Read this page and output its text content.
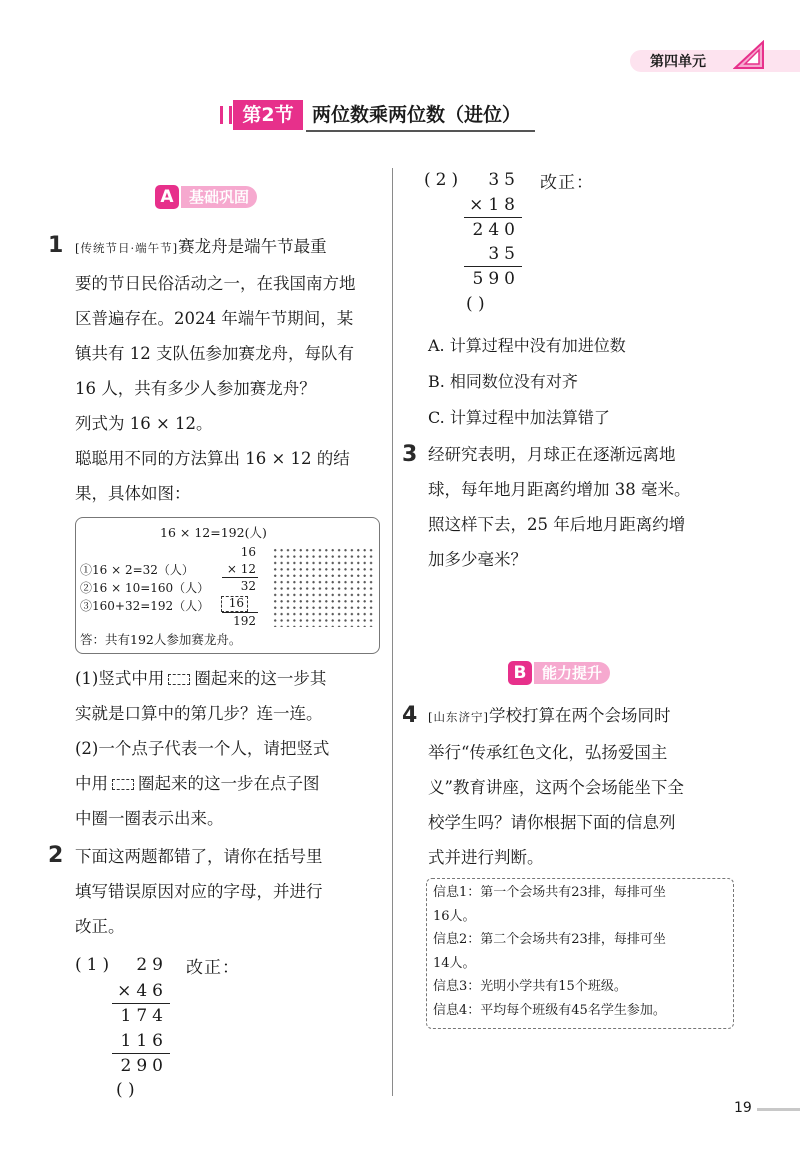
第四单元
第2节 两位数乘两位数（进位）
A	基础巩固
1 [传统节日·端午节]赛龙舟是端午节最重
要的节日民俗活动之一，在我国南方地
区普遍存在。2024 年端午节期间，某
镇共有 12 支队伍参加赛龙舟，每队有
16 人，共有多少人参加赛龙舟？
列式为 16 × 12。
聪聪用不同的方法算出 16 × 12 的结
果，具体如图：
16 × 12=192(人)
①16 × 2=32（人）
②16 × 10=160（人）
③160+32=192（人）
16
× 12
32
16
192
答：共有192人参加赛龙舟。
(1)竖式中用 圈起来的这一步其
实就是口算中的第几步？连一连。
(2)一个点子代表一个人，请把竖式
中用 圈起来的这一步在点子图
中圈一圈表示出来。
2 下面这两题都错了，请你在括号里
填写错误原因对应的字母，并进行
改正。
(1)	29 改正：
×46
174
116
290
( )
(2)	35 改正：
×18
240
35
590
( )
A. 计算过程中没有加进位数
B. 相同数位没有对齐
C. 计算过程中加法算错了
3 经研究表明，月球正在逐渐远离地
球，每年地月距离约增加 38 毫米。
照这样下去，25 年后地月距离约增
加多少毫米？
B	能力提升
4 [山东济宁]学校打算在两个会场同时
举行“传承红色文化，弘扬爱国主
义”教育讲座，这两个会场能坐下全
校学生吗？请你根据下面的信息列
式并进行判断。
信息1：第一个会场共有23排，每排可坐
16人。
信息2：第二个会场共有23排，每排可坐
14人。
信息3：光明小学共有15个班级。
信息4：平均每个班级有45名学生参加。
19
